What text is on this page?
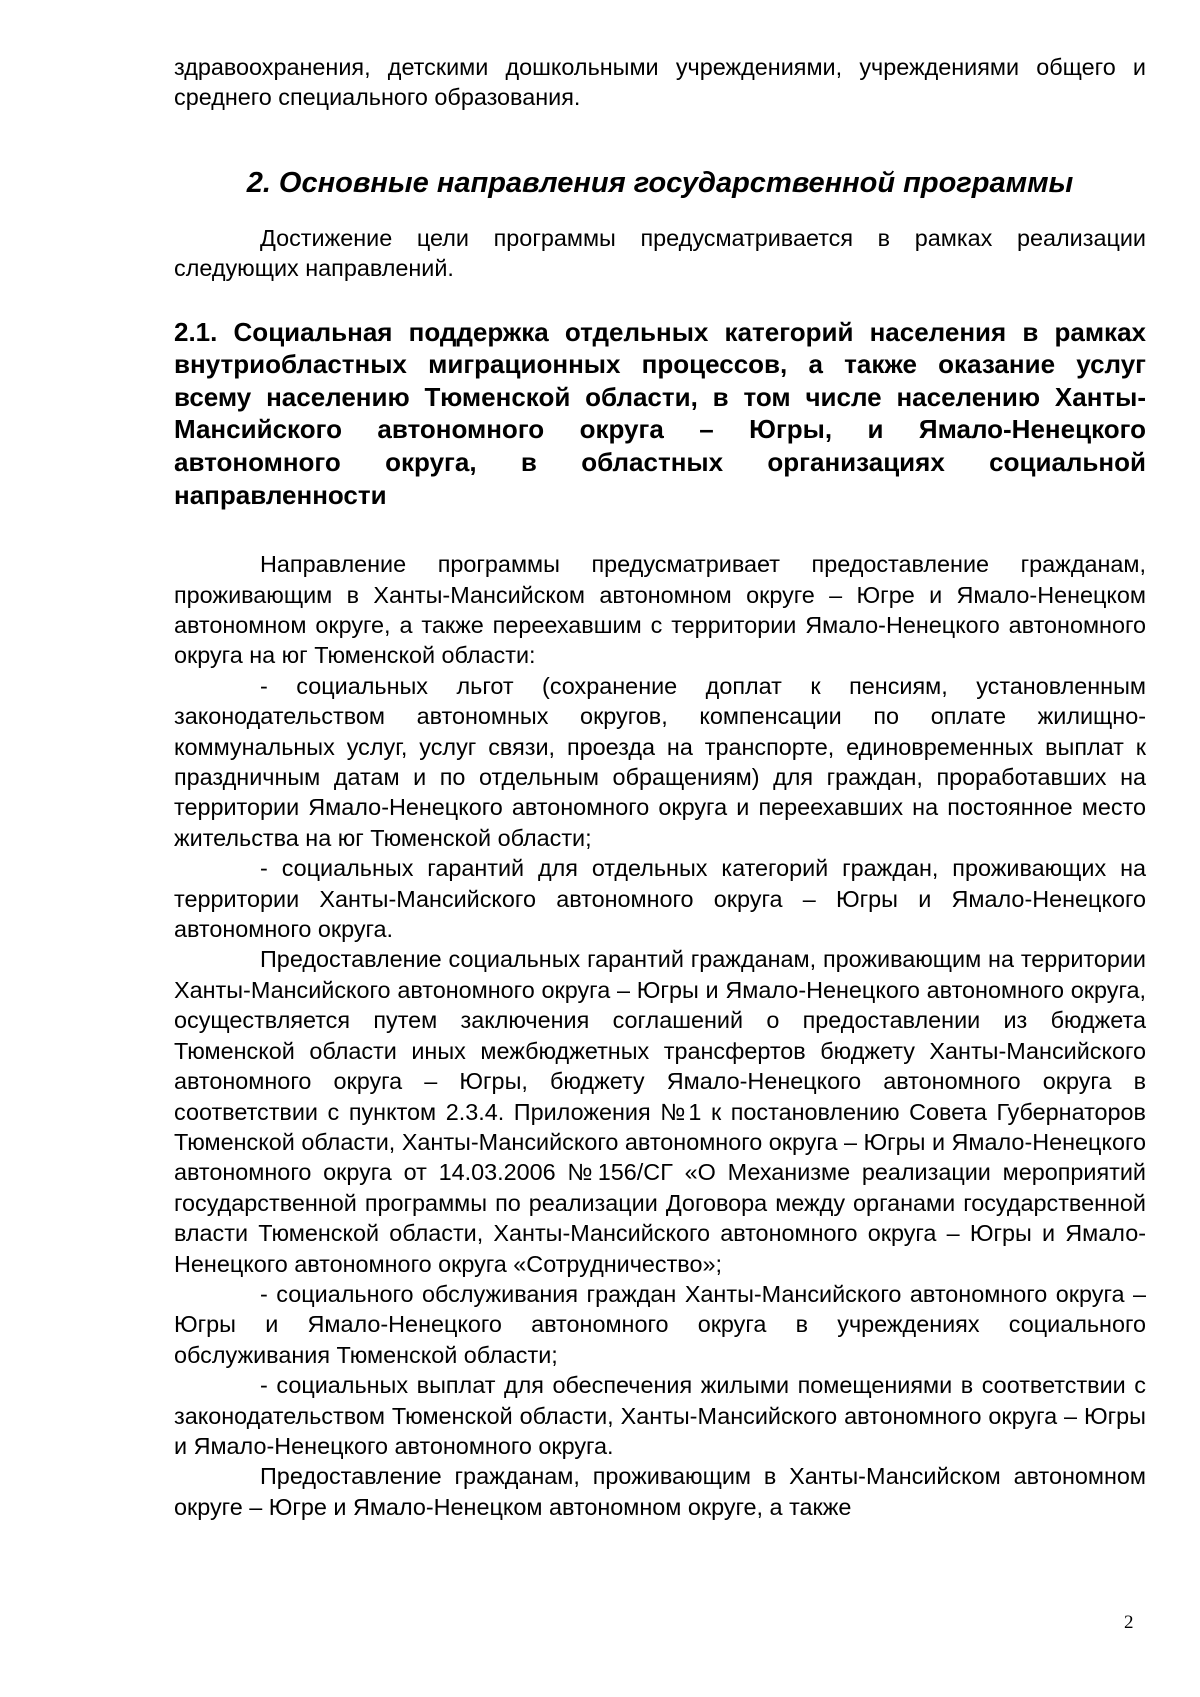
здравоохранения, детскими дошкольными учреждениями, учреждениями общего и среднего специального образования.

2. Основные направления государственной программы

Достижение цели программы предусматривается в рамках реализации следующих направлений.

2.1. Социальная поддержка отдельных категорий населения в рамках внутриобластных миграционных процессов, а также оказание услуг всему населению Тюменской области, в том числе населению Ханты-Мансийского автономного округа – Югры, и Ямало-Ненецкого автономного округа, в областных организациях социальной направленности

Направление программы предусматривает предоставление гражданам, проживающим в Ханты-Мансийском автономном округе – Югре и Ямало-Ненецком автономном округе, а также переехавшим с территории Ямало-Ненецкого автономного округа на юг Тюменской области:

- социальных льгот (сохранение доплат к пенсиям, установленным законодательством автономных округов, компенсации по оплате жилищно-коммунальных услуг, услуг связи, проезда на транспорте, единовременных выплат к праздничным датам и по отдельным обращениям) для граждан, проработавших на территории Ямало-Ненецкого автономного округа и переехавших на постоянное место жительства на юг Тюменской области;

- социальных гарантий для отдельных категорий граждан, проживающих на территории Ханты-Мансийского автономного округа – Югры и Ямало-Ненецкого автономного округа.

Предоставление социальных гарантий гражданам, проживающим на территории Ханты-Мансийского автономного округа – Югры и Ямало-Ненецкого автономного округа, осуществляется путем заключения соглашений о предоставлении из бюджета Тюменской области иных межбюджетных трансфертов бюджету Ханты-Мансийского автономного округа – Югры, бюджету Ямало-Ненецкого автономного округа в соответствии с пунктом 2.3.4. Приложения №1 к постановлению Совета Губернаторов Тюменской области, Ханты-Мансийского автономного округа – Югры и Ямало-Ненецкого автономного округа от 14.03.2006 №156/СГ «О Механизме реализации мероприятий государственной программы по реализации Договора между органами государственной власти Тюменской области, Ханты-Мансийского автономного округа – Югры и Ямало-Ненецкого автономного округа «Сотрудничество»;

- социального обслуживания граждан Ханты-Мансийского автономного округа – Югры и Ямало-Ненецкого автономного округа в учреждениях социального обслуживания Тюменской области;

- социальных выплат для обеспечения жилыми помещениями в соответствии с законодательством Тюменской области, Ханты-Мансийского автономного округа – Югры и Ямало-Ненецкого автономного округа.

Предоставление гражданам, проживающим в Ханты-Мансийском автономном округе – Югре и Ямало-Ненецком автономном округе, а также

2
